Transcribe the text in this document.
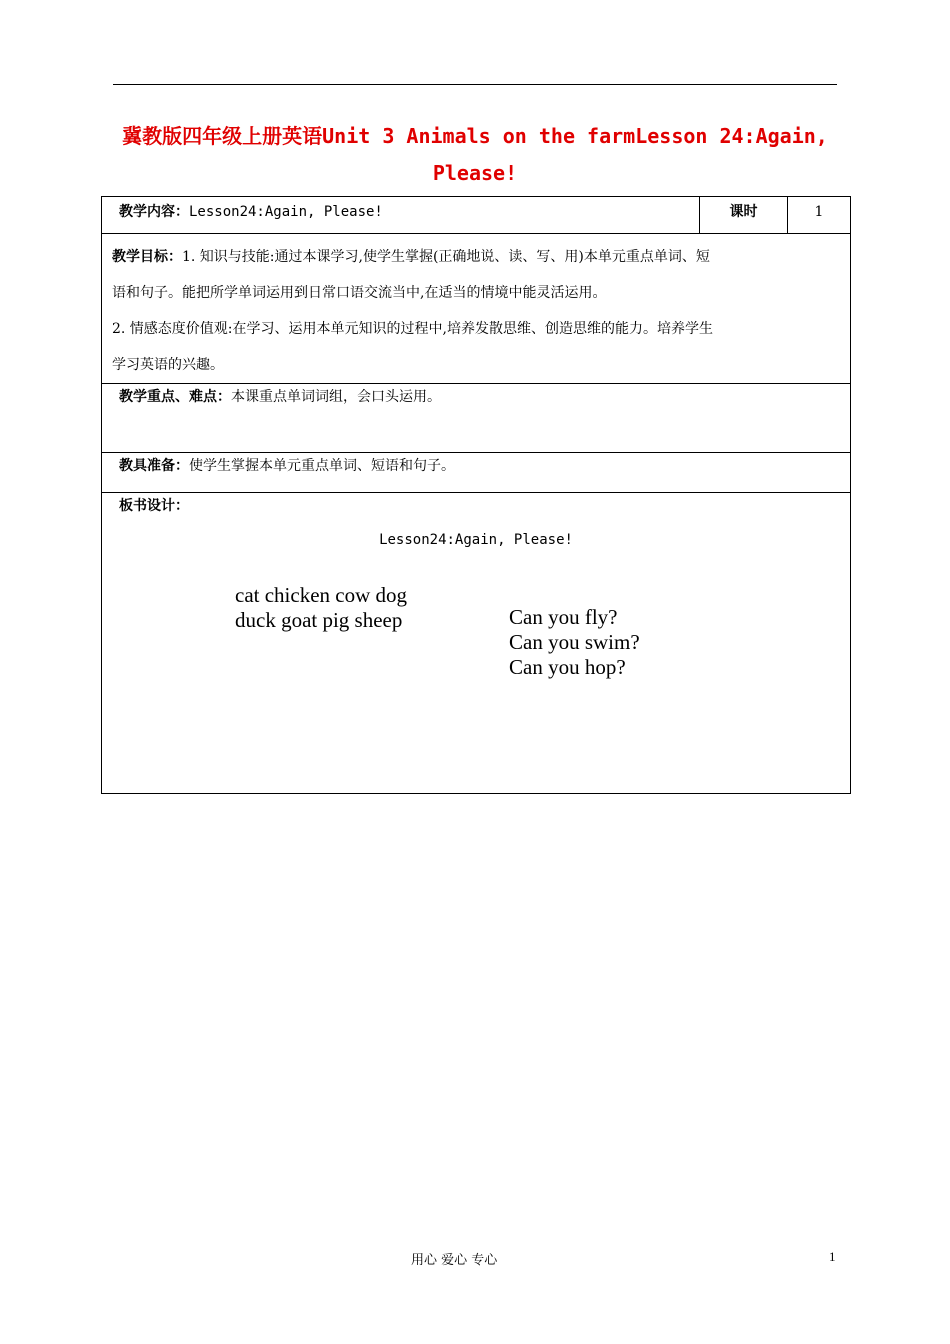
冀教版四年级上册英语Unit 3 Animals on the farmLesson 24:Again,
Please!
教学内容：Lesson24:Again, Please!	课时	1

教学目标：1. 知识与技能:通过本课学习,使学生掌握(正确地说、读、写、用)本单元重点单词、短

语和句子。能把所学单词运用到日常口语交流当中,在适当的情境中能灵活运用。

2. 情感态度价值观:在学习、运用本单元知识的过程中,培养发散思维、创造思维的能力。培养学生

学习英语的兴趣。

教学重点、难点：本课重点单词词组，会口头运用。
教具准备：使学生掌握本单元重点单词、短语和句子。
板书设计：
Lesson24:Again, Please!
cat chicken cow dog
duck goat pig sheep	Can you fly?
Can you swim?
Can you hop?
用心 爱心 专心	1
